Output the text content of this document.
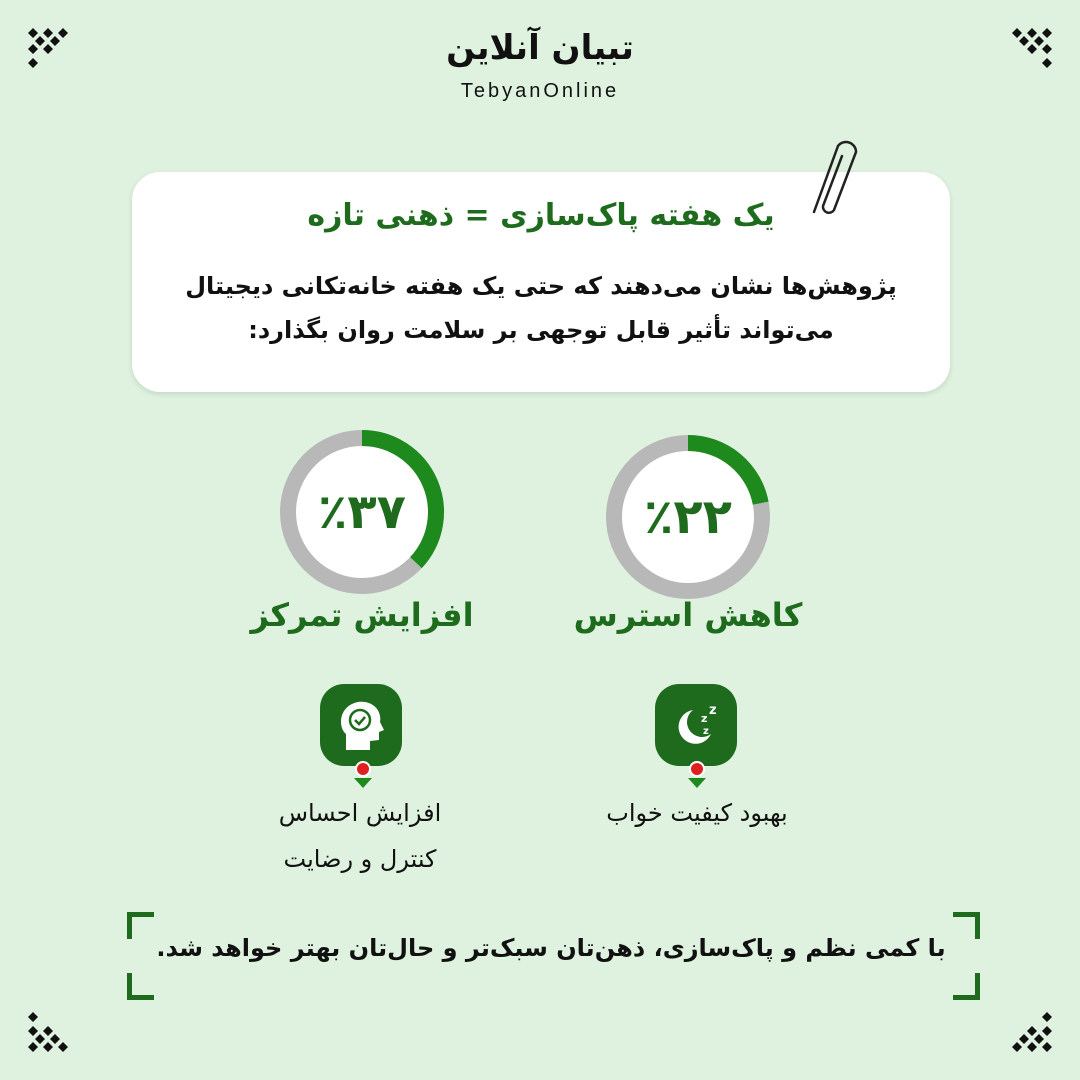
تبیان آنلاین
TebyanOnline
یک هفته پاک‌سازی = ذهنی تازه
پژوهش‌ها نشان می‌دهند که حتی یک هفته خانه‌تکانی دیجیتال می‌تواند تأثیر قابل توجهی بر سلامت روان بگذارد:
٪۲۲
کاهش استرس
٪۳۷
افزایش تمرکز
z
z
z
بهبود کیفیت خواب
افزایش احساس کنترل و رضایت
با کمی نظم و پاک‌سازی، ذهن‌تان سبک‌تر و حال‌تان بهتر خواهد شد.
